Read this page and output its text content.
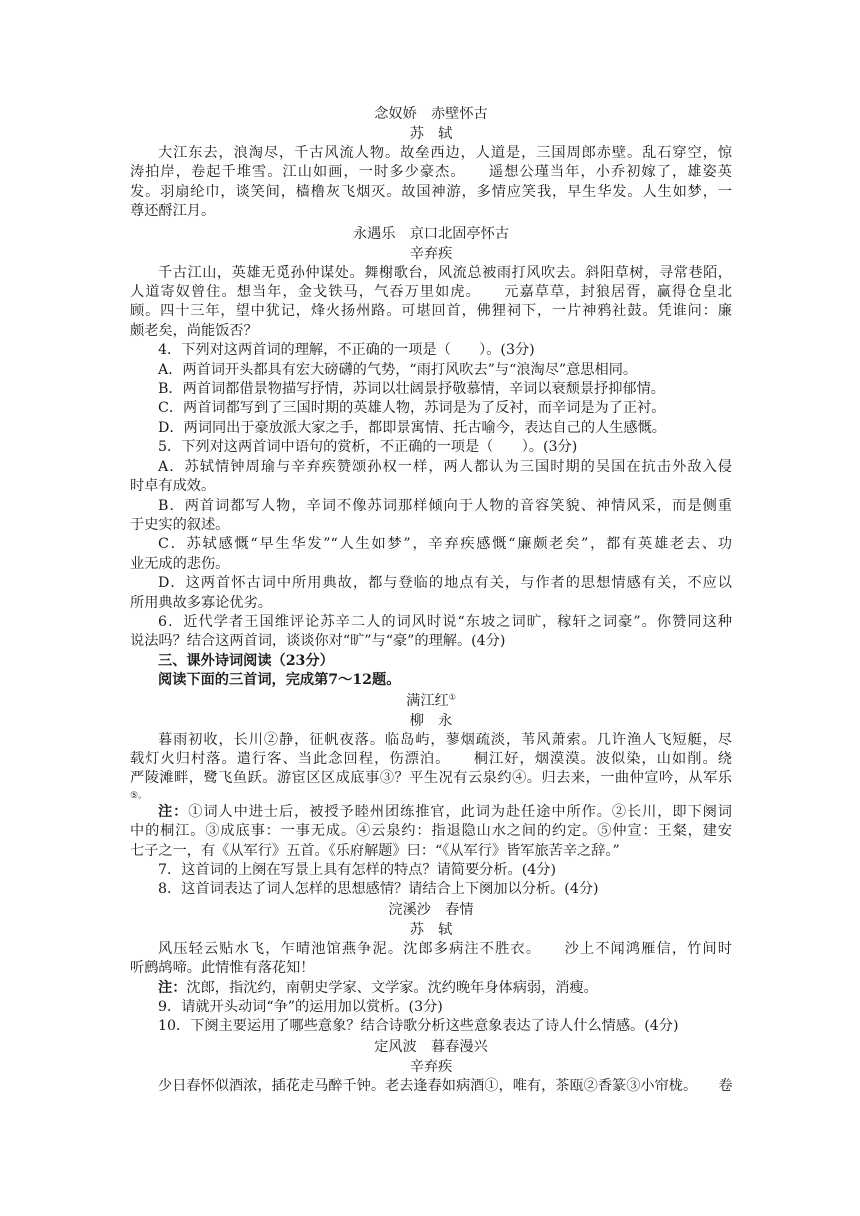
念奴娇　赤壁怀古
苏　轼
大江东去，浪淘尽，千古风流人物。故垒西边，人道是，三国周郎赤壁。乱石穿空，惊
涛拍岸，卷起千堆雪。江山如画，一时多少豪杰。　　遥想公瑾当年，小乔初嫁了，雄姿英
发。羽扇纶巾，谈笑间，樯橹灰飞烟灭。故国神游，多情应笑我，早生华发。人生如梦，一
尊还酹江月。
永遇乐　京口北固亭怀古
辛弃疾
千古江山，英雄无觅孙仲谋处。舞榭歌台，风流总被雨打风吹去。斜阳草树，寻常巷陌，
人道寄奴曾住。想当年，金戈铁马，气吞万里如虎。　　元嘉草草，封狼居胥，赢得仓皇北
顾。四十三年，望中犹记，烽火扬州路。可堪回首，佛狸祠下，一片神鸦社鼓。凭谁问：廉
颇老矣，尚能饭否？
4．下列对这两首词的理解，不正确的一项是（　　）。(3分)
A．两首词开头都具有宏大磅礴的气势，“雨打风吹去”与“浪淘尽”意思相同。
B．两首词都借景物描写抒情，苏词以壮阔景抒敬慕情，辛词以衰颓景抒抑郁情。
C．两首词都写到了三国时期的英雄人物，苏词是为了反衬，而辛词是为了正衬。
D．两词同出于豪放派大家之手，都即景寓情、托古喻今，表达自己的人生感慨。
5．下列对这两首词中语句的赏析，不正确的一项是（　　）。(3分)
A．苏轼情钟周瑜与辛弃疾赞颂孙权一样，两人都认为三国时期的吴国在抗击外敌入侵
时卓有成效。
B．两首词都写人物，辛词不像苏词那样倾向于人物的音容笑貌、神情风采，而是侧重
于史实的叙述。
C．苏轼感慨“早生华发”“人生如梦”，辛弃疾感慨“廉颇老矣”，都有英雄老去、功
业无成的悲伤。
D．这两首怀古词中所用典故，都与登临的地点有关，与作者的思想情感有关，不应以
所用典故多寡论优劣。
6．近代学者王国维评论苏辛二人的词风时说“东坡之词旷，稼轩之词豪”。你赞同这种
说法吗？结合这两首词，谈谈你对“旷”与“豪”的理解。(4分)
三、课外诗词阅读（23分）
阅读下面的三首词，完成第7～12题。
满江红①
柳　永
暮雨初收，长川②静，征帆夜落。临岛屿，蓼烟疏淡，苇风萧索。几许渔人飞短艇，尽
载灯火归村落。遣行客、当此念回程，伤漂泊。　　桐江好，烟漠漠。波似染，山如削。绕
严陵滩畔，鹭飞鱼跃。游宦区区成底事③？平生况有云泉约④。归去来，一曲仲宣吟，从军乐
⑤。
注：①词人中进士后，被授予睦州团练推官，此词为赴任途中所作。②长川，即下阕词
中的桐江。③成底事：一事无成。④云泉约：指退隐山水之间的约定。⑤仲宣：王粲，建安
七子之一，有《从军行》五首。《乐府解题》曰：“《从军行》皆军旅苦辛之辞。”
7．这首词的上阕在写景上具有怎样的特点？请简要分析。(4分)
8．这首词表达了词人怎样的思想感情？请结合上下阕加以分析。(4分)
浣溪沙　春情
苏　轼
风压轻云贴水飞，乍晴池馆燕争泥。沈郎多病注不胜衣。　　沙上不闻鸿雁信，竹间时
听鹧鸪啼。此情惟有落花知！
注：沈郎，指沈约，南朝史学家、文学家。沈约晚年身体病弱，消瘦。
9．请就开头动词“争”的运用加以赏析。(3分)
10．下阕主要运用了哪些意象？结合诗歌分析这些意象表达了诗人什么情感。(4分)
定风波　暮春漫兴
辛弃疾
少日春怀似酒浓，插花走马醉千钟。老去逢春如病酒①，唯有，茶瓯②香篆③小帘栊。　　卷
